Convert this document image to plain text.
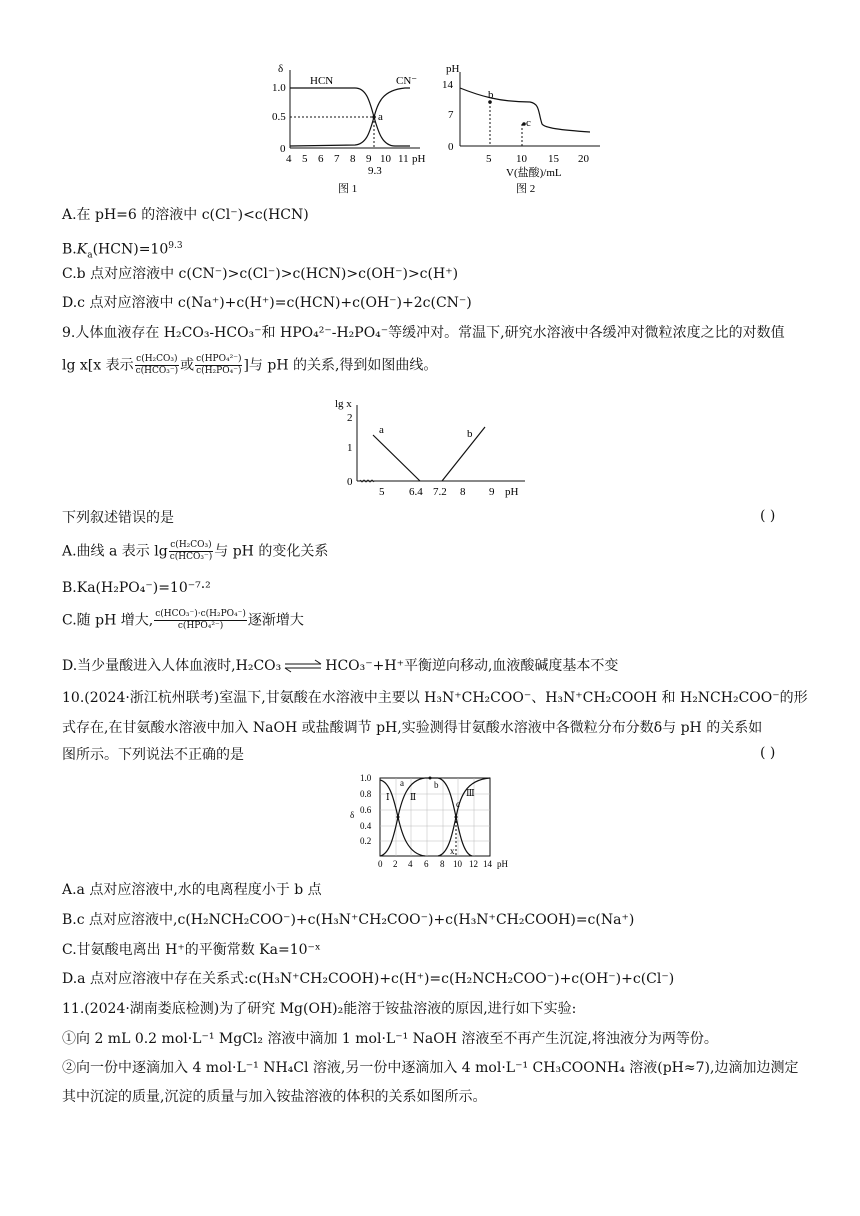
δ
1.0
0.5
0
HCN	CN⁻
a
4 5 6 7 8 9 10 11 pH
9.3
图 1
pH
14
7
0
b
c
5 10 15 20
V(盐酸)/mL
图 2
A.在 pH=6 的溶液中 c(Cl⁻)<c(HCN)
$B.K_a(HCN)=10^{9.3}$
C.b 点对应溶液中 c(CN⁻)>c(Cl⁻)>c(HCN)>c(OH⁻)>c(H⁺)
D.c 点对应溶液中 c(Na⁺)+c(H⁺)=c(HCN)+c(OH⁻)+2c(CN⁻)
9.人体血液存在 H₂CO₃-HCO₃⁻和 HPO₄²⁻-H₂PO₄⁻等缓冲对。常温下,研究水溶液中各缓冲对微粒浓度之比的对数值
lg x[x 表示 $\frac{\text{c(H₂CO₃)}}{\text{c(HCO₃⁻)}}$ 或 $\frac{\text{c(HPO₄²⁻)}}{\text{c(H₂PO₄⁻)}}$ ]与 pH 的关系,得到如图曲线。
lg x
2
1
0
a	b
5 6.4 7.2 8 9 pH
下列叙述错误的是	( )
A.曲线 a 表示 $\lg \frac{\text{c(H₂CO₃)}}{\text{c(HCO₃⁻)}}$ 与 pH 的变化关系
B.Ka(H₂PO₄⁻)=10⁻⁷·²
C.随 pH 增大, $\frac{\text{c(HCO₃⁻)·c(H₂PO₄⁻)}}{\text{c(HPO₄²⁻)}}$ 逐渐增大
D.当少量酸进入人体血液时,H₂CO₃	HCO₃⁻+H⁺平衡逆向移动,血液酸碱度基本不变
10.(2024·浙江杭州联考)室温下,甘氨酸在水溶液中主要以 H₃N⁺CH₂COO⁻、H₃N⁺CH₂COOH 和 H₂NCH₂COO⁻的形
式存在,在甘氨酸水溶液中加入 NaOH 或盐酸调节 pH,实验测得甘氨酸水溶液中各微粒分布分数δ与 pH 的关系如
图所示。下列说法不正确的是	( )
δ
1.0
0.8
0.6
0.4
0.2
Ⅰ Ⅱ	Ⅲ
a	b
c
x
0 2 4 6 8 10 12 14 pH
A.a 点对应溶液中,水的电离程度小于 b 点
B.c 点对应溶液中,c(H₂NCH₂COO⁻)+c(H₃N⁺CH₂COO⁻)+c(H₃N⁺CH₂COOH)=c(Na⁺)
C.甘氨酸电离出 H⁺的平衡常数 Ka=10⁻ˣ
D.a 点对应溶液中存在关系式:c(H₃N⁺CH₂COOH)+c(H⁺)=c(H₂NCH₂COO⁻)+c(OH⁻)+c(Cl⁻)
11.(2024·湖南娄底检测)为了研究 Mg(OH)₂能溶于铵盐溶液的原因,进行如下实验:
①向 2 mL 0.2 mol·L⁻¹ MgCl₂ 溶液中滴加 1 mol·L⁻¹ NaOH 溶液至不再产生沉淀,将浊液分为两等份。
②向一份中逐滴加入 4 mol·L⁻¹ NH₄Cl 溶液,另一份中逐滴加入 4 mol·L⁻¹ CH₃COONH₄ 溶液(pH≈7),边滴加边测定
其中沉淀的质量,沉淀的质量与加入铵盐溶液的体积的关系如图所示。
